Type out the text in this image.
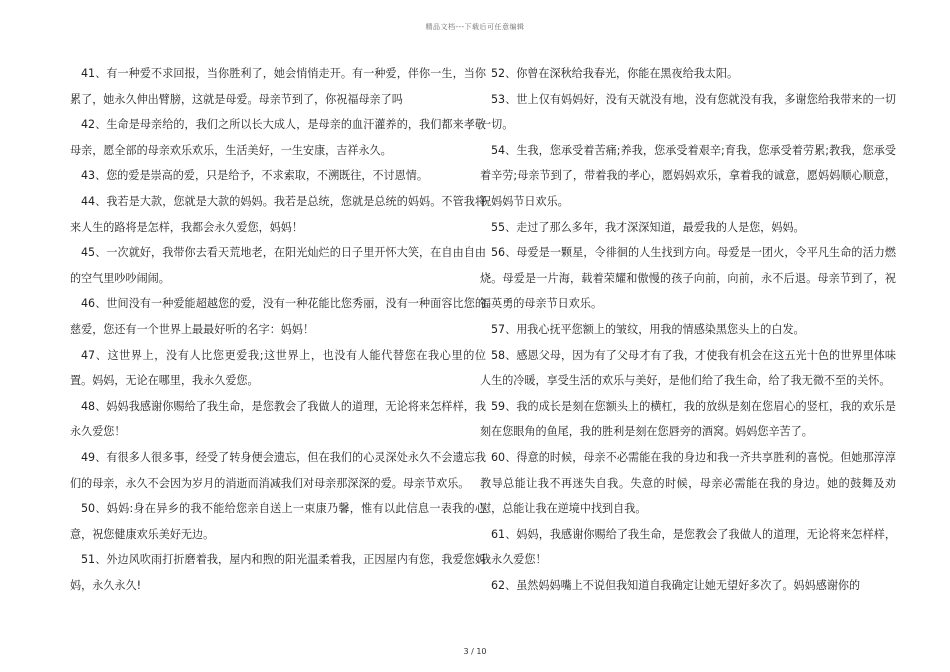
精品文档---下载后可任意编辑

41、有一种爱不求回报，当你胜利了，她会悄悄走开。有一种爱，伴你一生，当你累了，她永久伸出臂膀，这就是母爱。母亲节到了，你祝福母亲了吗

42、生命是母亲给的，我们之所以长大成人，是母亲的血汗灌养的，我们都来孝敬母亲，愿全部的母亲欢乐欢乐，生活美好，一生安康，吉祥永久。

43、您的爱是崇高的爱，只是给予，不求索取，不溯既往，不讨恩情。

44、我若是大款，您就是大款的妈妈。我若是总统，您就是总统的妈妈。不管我将来人生的路将是怎样，我都会永久爱您，妈妈！

45、一次就好，我带你去看天荒地老，在阳光灿烂的日子里开怀大笑，在自由自由的空气里吵吵闹闹。

46、世间没有一种爱能超越您的爱，没有一种花能比您秀丽，没有一种面容比您的慈爱，您还有一个世界上最最好听的名字：妈妈！

47、这世界上，没有人比您更爱我;这世界上，也没有人能代替您在我心里的位置。妈妈，无论在哪里，我永久爱您。

48、妈妈我感谢你赐给了我生命，是您教会了我做人的道理，无论将来怎样样，我永久爱您！

49、有很多人很多事，经受了转身便会遗忘，但在我们的心灵深处永久不会遗忘我们的母亲，永久不会因为岁月的消逝而消减我们对母亲那深深的爱。母亲节欢乐。

50、妈妈:身在异乡的我不能给您亲自送上一束康乃馨，惟有以此信息一表我的心意，祝您健康欢乐美好无边。

51、外边风吹雨打折磨着我，屋内和煦的阳光温柔着我，正因屋内有您，我爱您妈妈，永久永久!

52、你曾在深秋给我春光，你能在黑夜给我太阳。

53、世上仅有妈妈好，没有天就没有地，没有您就没有我，多谢您给我带来的一切一切。

54、生我，您承受着苦痛;养我，您承受着艰辛;育我，您承受着劳累;教我，您承受着辛劳;母亲节到了，带着我的孝心，愿妈妈欢乐，拿着我的诚意，愿妈妈顺心顺意，祝妈妈节日欢乐。

55、走过了那么多年，我才深深知道，最爱我的人是您，妈妈。

56、母爱是一颗星，令徘徊的人生找到方向。母爱是一团火，令平凡生命的活力燃烧。母爱是一片海，载着荣耀和傲慢的孩子向前，向前，永不后退。母亲节到了，祝福英勇的母亲节日欢乐。

57、用我心抚平您额上的皱纹，用我的情感染黑您头上的白发。

58、感恩父母，因为有了父母才有了我，才使我有机会在这五光十色的世界里体味人生的冷暖，享受生活的欢乐与美好，是他们给了我生命，给了我无微不至的关怀。

59、我的成长是刻在您额头上的横杠，我的放纵是刻在您眉心的竖杠，我的欢乐是刻在您眼角的鱼尾，我的胜利是刻在您唇旁的酒窝。妈妈您辛苦了。

60、得意的时候，母亲不必需能在我的身边和我一齐共享胜利的喜悦。但她那淳淳教导总能让我不再迷失自我。失意的时候，母亲必需能在我的身边。她的鼓舞及劝慰，总能让我在逆境中找到自我。

61、妈妈，我感谢你赐给了我生命，是您教会了我做人的道理，无论将来怎样样，我永久爱您！

62、虽然妈妈嘴上不说但我知道自我确定让她无望好多次了。妈妈感谢你的

3 / 10
